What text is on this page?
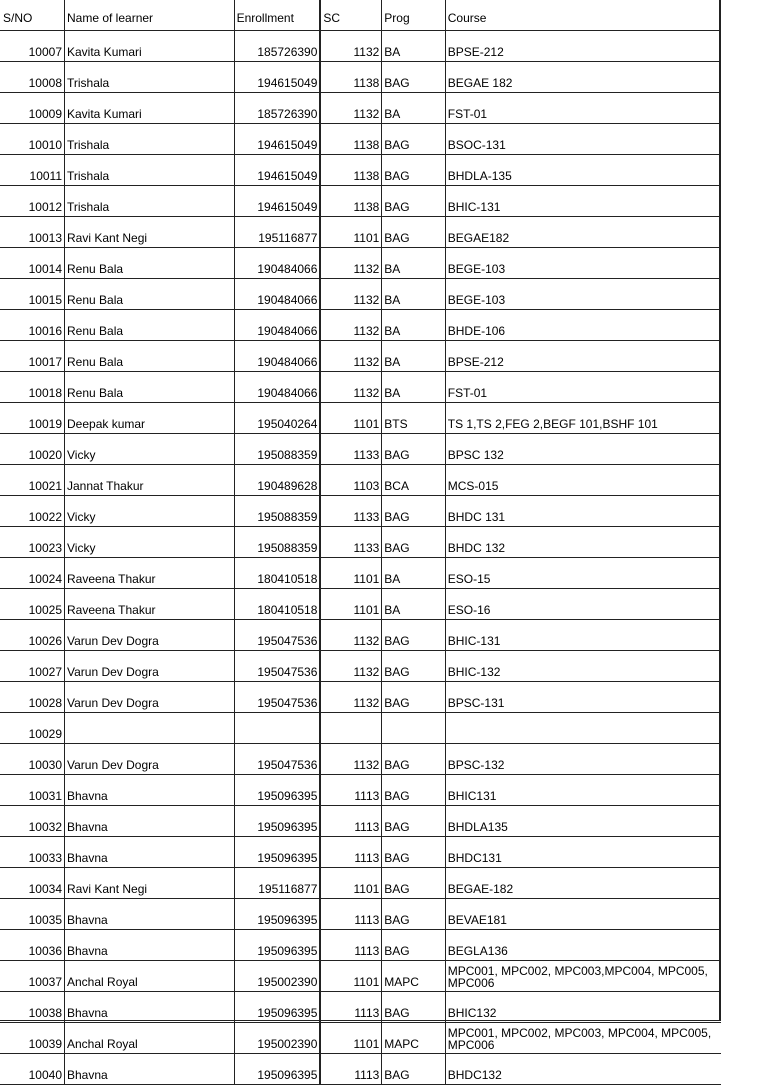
S/NO	Name of learner	Enrollment	SC	Prog	Course
10007	Kavita Kumari	185726390	1132	BA	BPSE-212
10008	Trishala	194615049	1138	BAG	BEGAE 182
10009	Kavita Kumari	185726390	1132	BA	FST-01
10010	Trishala	194615049	1138	BAG	BSOC-131
10011	Trishala	194615049	1138	BAG	BHDLA-135
10012	Trishala	194615049	1138	BAG	BHIC-131
10013	Ravi Kant Negi	195116877	1101	BAG	BEGAE182
10014	Renu Bala	190484066	1132	BA	BEGE-103
10015	Renu Bala	190484066	1132	BA	BEGE-103
10016	Renu Bala	190484066	1132	BA	BHDE-106
10017	Renu Bala	190484066	1132	BA	BPSE-212
10018	Renu Bala	190484066	1132	BA	FST-01
10019	Deepak kumar	195040264	1101	BTS	TS 1,TS 2,FEG 2,BEGF 101,BSHF 101
10020	Vicky	195088359	1133	BAG	BPSC 132
10021	Jannat Thakur	190489628	1103	BCA	MCS-015
10022	Vicky	195088359	1133	BAG	BHDC 131
10023	Vicky	195088359	1133	BAG	BHDC 132
10024	Raveena Thakur	180410518	1101	BA	ESO-15
10025	Raveena Thakur	180410518	1101	BA	ESO-16
10026	Varun Dev Dogra	195047536	1132	BAG	BHIC-131
10027	Varun Dev Dogra	195047536	1132	BAG	BHIC-132
10028	Varun Dev Dogra	195047536	1132	BAG	BPSC-131
10029					
10030	Varun Dev Dogra	195047536	1132	BAG	BPSC-132
10031	Bhavna	195096395	1113	BAG	BHIC131
10032	Bhavna	195096395	1113	BAG	BHDLA135
10033	Bhavna	195096395	1113	BAG	BHDC131
10034	Ravi Kant Negi	195116877	1101	BAG	BEGAE-182
10035	Bhavna	195096395	1113	BAG	BEVAE181
10036	Bhavna	195096395	1113	BAG	BEGLA136
10037	Anchal Royal	195002390	1101	MAPC	MPC001, MPC002, MPC003,MPC004, MPC005, MPC006
10038	Bhavna	195096395	1113	BAG	BHIC132
10039	Anchal Royal	195002390	1101	MAPC	MPC001, MPC002, MPC003, MPC004, MPC005, MPC006
10040	Bhavna	195096395	1113	BAG	BHDC132
